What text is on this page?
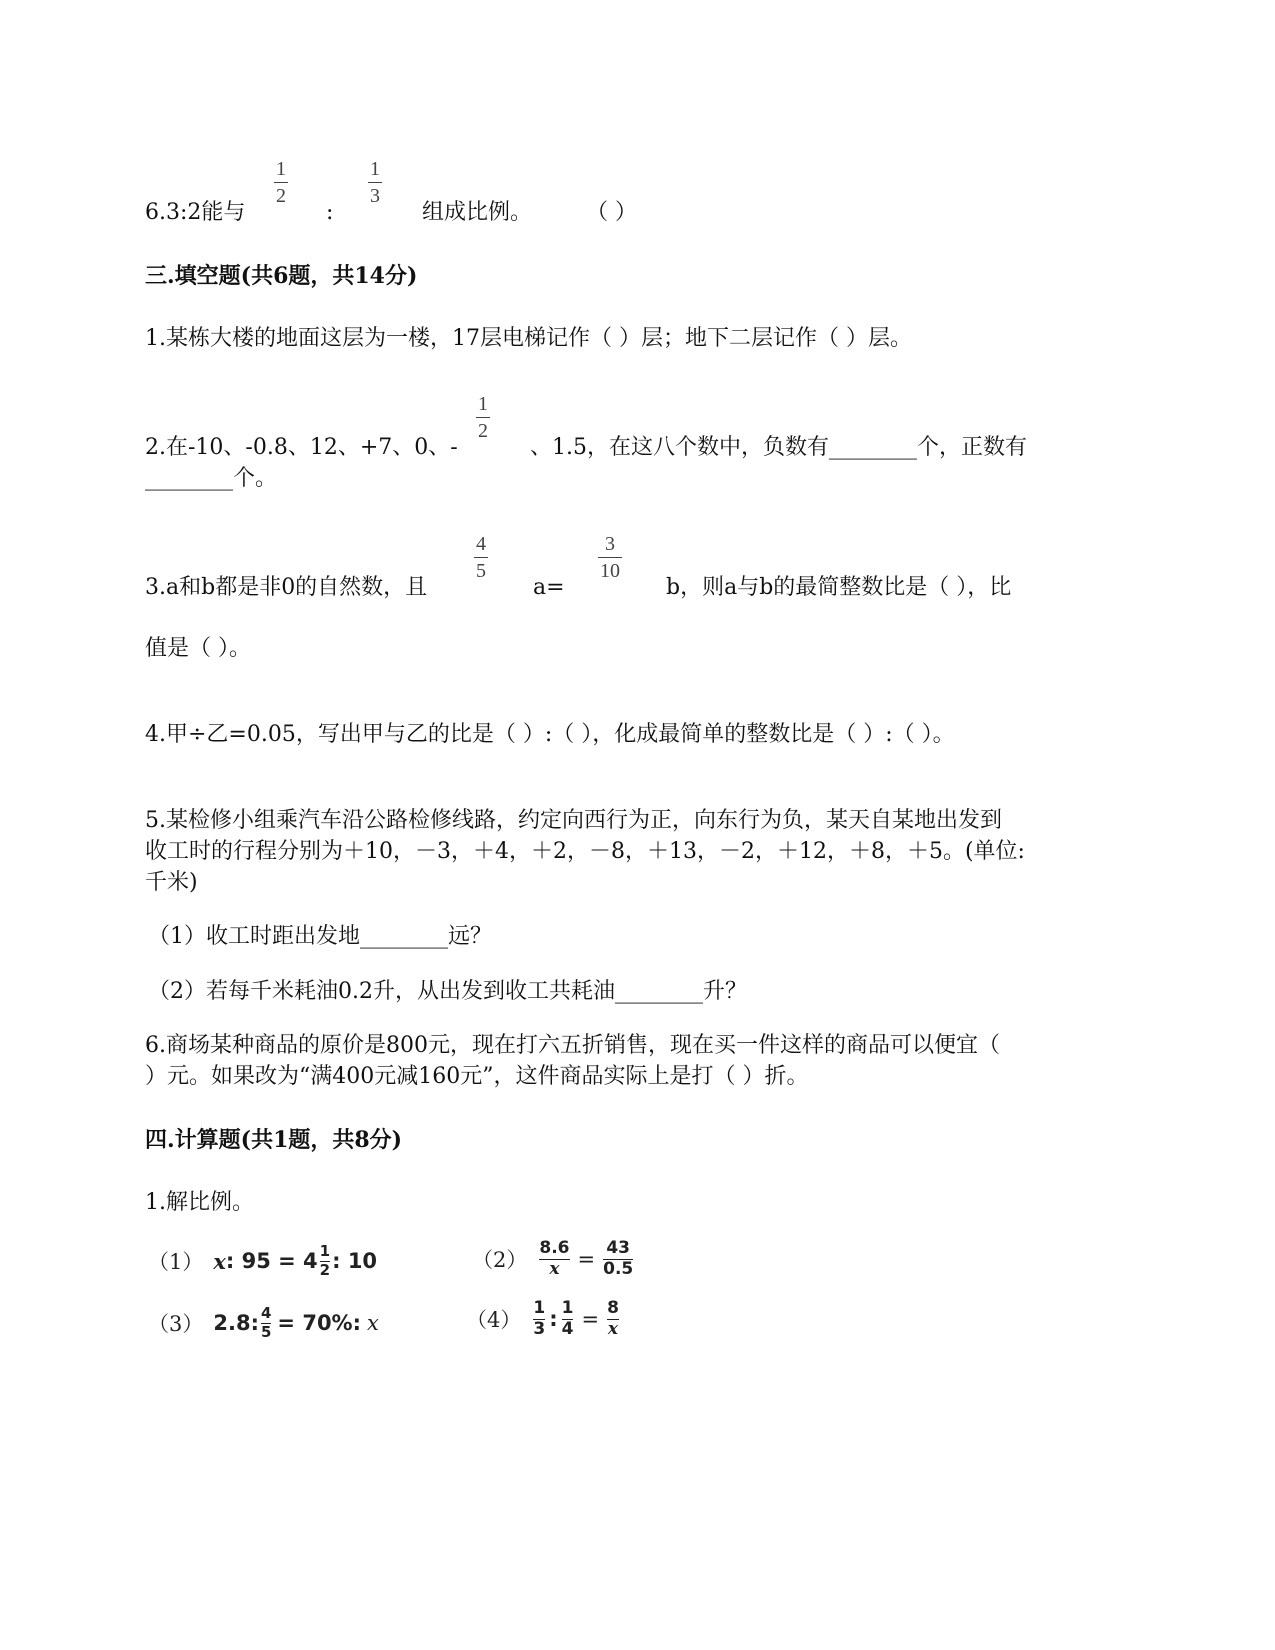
6.3:2能与
1
2
:
1
3
组成比例。 （ ）
三.填空题(共6题，共14分)
1.某栋大楼的地面这层为一楼，17层电梯记作（ ）层；地下二层记作（ ）层。
2.在-10、-0.8、12、+7、0、-
1
2
、1.5，在这八个数中，负数有________个，正数有
________个。
3.a和b都是非0的自然数，且
4
5
a=
3
10
b，则a与b的最简整数比是（ ），比
值是（ ）。
4.甲÷乙=0.05，写出甲与乙的比是（ ）:（ ），化成最简单的整数比是（ ）:（ ）。
5.某检修小组乘汽车沿公路检修线路，约定向西行为正，向东行为负，某天自某地出发到
收工时的行程分别为＋10，－3，＋4，＋2，－8，＋13，－2，＋12，＋8，＋5。(单位:
千米)
（1）收工时距出发地________远？
（2）若每千米耗油0.2升，从出发到收工共耗油________升？
6.商场某种商品的原价是800元，现在打六五折销售，现在买一件这样的商品可以便宜（
）元。如果改为“满400元减160元”，这件商品实际上是打（ ）折。
四.计算题(共1题，共8分)
1.解比例。
（1） x : 95 = 4 1
2 : 10	（2）
8.6
x = 43
0.5
（3） 2.8: 4
5 = 70%: x	（4）
1
3 : 1
4 = 8
x
